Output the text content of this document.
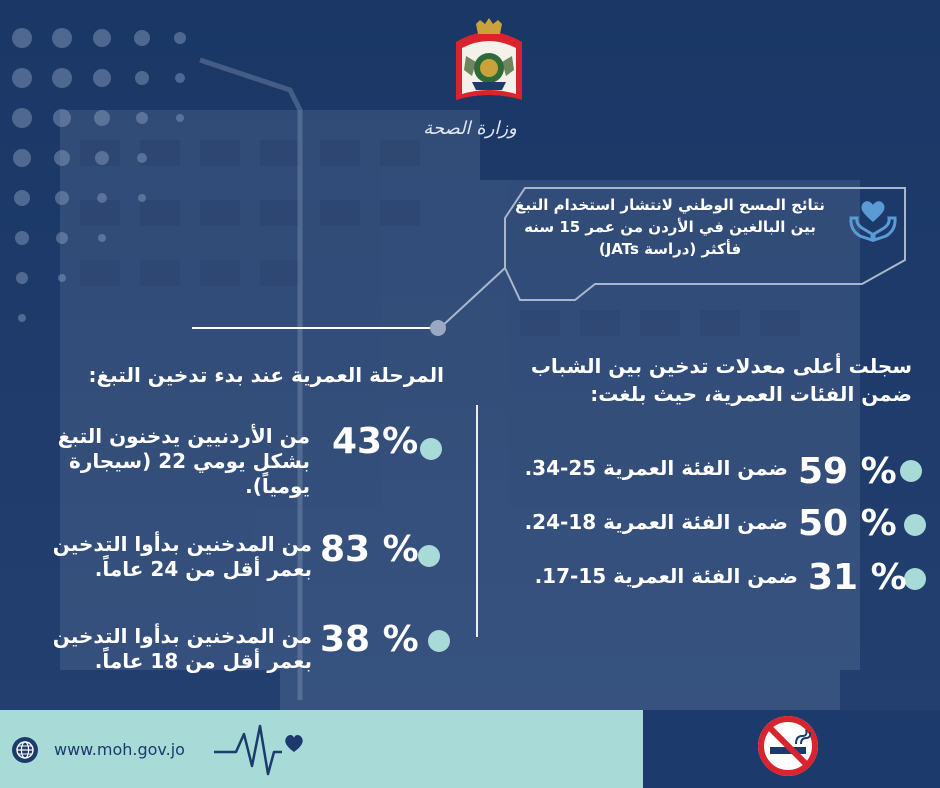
وزارة الصحة
نتائج المسح الوطني لانتشار استخدام التبغ
بين البالغين في الأردن من عمر 15 سنه
فأكثر (دراسة JATs)
سجلت أعلى معدلات تدخين بين الشباب
ضمن الفئات العمرية، حيث بلغت:
المرحلة العمرية عند بدء تدخين التبغ:
59 %
ضمن الفئة العمرية 25-34.
50 %
ضمن الفئة العمرية 18-24.
31 %
ضمن الفئة العمرية 15-17.
43%
من الأردنيين يدخنون التبغ
بشكل يومي 22 (سيجارة
يومياً).
83 %
من المدخنين بدأوا التدخين
بعمر أقل من 24 عاماً.
38 %
من المدخنين بدأوا التدخين
بعمر أقل من 18 عاماً.
www.moh.gov.jo
